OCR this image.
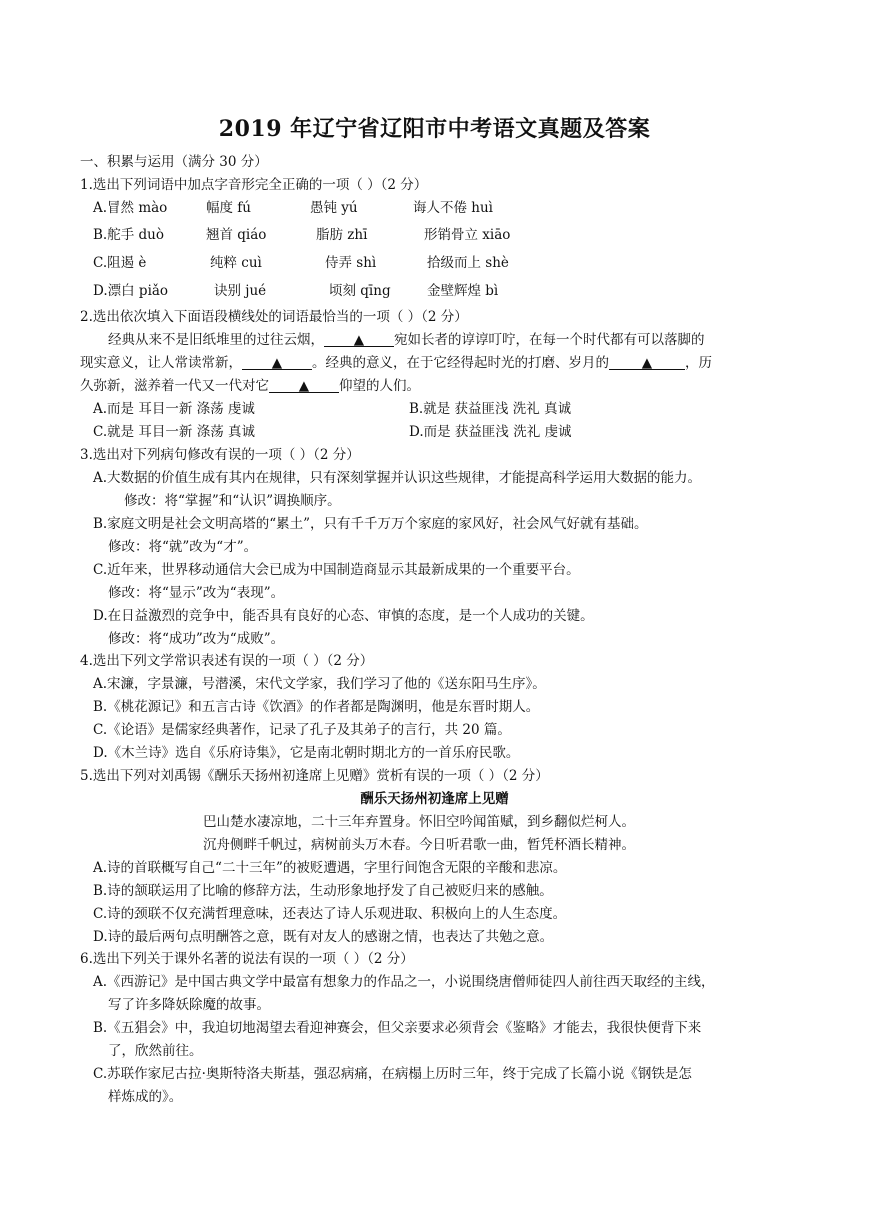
2019 年辽宁省辽阳市中考语文真题及答案
一、积累与运用（满分 30 分）
1.选出下列词语中加点字音形完全正确的一项（ ）（2 分）
A.冒然 mào	幅度 fú	愚钝 yú	诲人不倦 huì
B.舵手 duò	翘首 qiáo	脂肪 zhī	形销骨立 xiāo
C.阻遏 è	纯粹 cuì	侍弄 shì	拾级而上 shè
D.漂白 piǎo	诀别 jué	顷刻 qīng	金壁辉煌 bì
2.选出依次填入下面语段横线处的词语最恰当的一项（ ）（2 分）
经典从来不是旧纸堆里的过往云烟， ▲ 宛如长者的谆谆叮咛，在每一个时代都有可以落脚的
现实意义，让人常读常新， ▲ 。经典的意义，在于它经得起时光的打磨、岁月的 ▲ ，历
久弥新，滋养着一代又一代对它 ▲ 仰望的人们。
A.而是 耳目一新 涤荡 虔诚	B.就是 获益匪浅 洗礼 真诚
C.就是 耳目一新 涤荡 真诚	D.而是 获益匪浅 洗礼 虔诚
3.选出对下列病句修改有误的一项（ ）（2 分）
A.大数据的价值生成有其内在规律，只有深刻掌握并认识这些规律，才能提高科学运用大数据的能力。
修改：将“掌握”和“认识”调换顺序。
B.家庭文明是社会文明高塔的“累土”，只有千千万万个家庭的家风好，社会风气好就有基础。
修改：将“就”改为“才”。
C.近年来，世界移动通信大会已成为中国制造商显示其最新成果的一个重要平台。
修改：将“显示”改为“表现”。
D.在日益激烈的竞争中，能否具有良好的心态、审慎的态度，是一个人成功的关键。
修改：将“成功”改为“成败”。
4.选出下列文学常识表述有误的一项（ ）（2 分）
A.宋濂，字景濂，号潜溪，宋代文学家，我们学习了他的《送东阳马生序》。
B.《桃花源记》和五言古诗《饮酒》的作者都是陶渊明，他是东晋时期人。
C.《论语》是儒家经典著作，记录了孔子及其弟子的言行，共 20 篇。
D.《木兰诗》选自《乐府诗集》，它是南北朝时期北方的一首乐府民歌。
5.选出下列对刘禹锡《酬乐天扬州初逢席上见赠》赏析有误的一项（ ）（2 分）
酬乐天扬州初逢席上见赠
巴山楚水凄凉地，二十三年弃置身。怀旧空吟闻笛赋，到乡翻似烂柯人。
沉舟侧畔千帆过，病树前头万木春。今日听君歌一曲，暂凭杯酒长精神。
A.诗的首联概写自己“二十三年”的被贬遭遇，字里行间饱含无限的辛酸和悲凉。
B.诗的颔联运用了比喻的修辞方法，生动形象地抒发了自己被贬归来的感触。
C.诗的颈联不仅充满哲理意味，还表达了诗人乐观进取、积极向上的人生态度。
D.诗的最后两句点明酬答之意，既有对友人的感谢之情，也表达了共勉之意。
6.选出下列关于课外名著的说法有误的一项（ ）（2 分）
A.《西游记》是中国古典文学中最富有想象力的作品之一，小说围绕唐僧师徒四人前往西天取经的主线，
写了许多降妖除魔的故事。
B.《五猖会》中，我迫切地渴望去看迎神赛会，但父亲要求必须背会《鉴略》才能去，我很快便背下来
了，欣然前往。
C.苏联作家尼古拉·奥斯特洛夫斯基，强忍病痛，在病榻上历时三年，终于完成了长篇小说《钢铁是怎
样炼成的》。
